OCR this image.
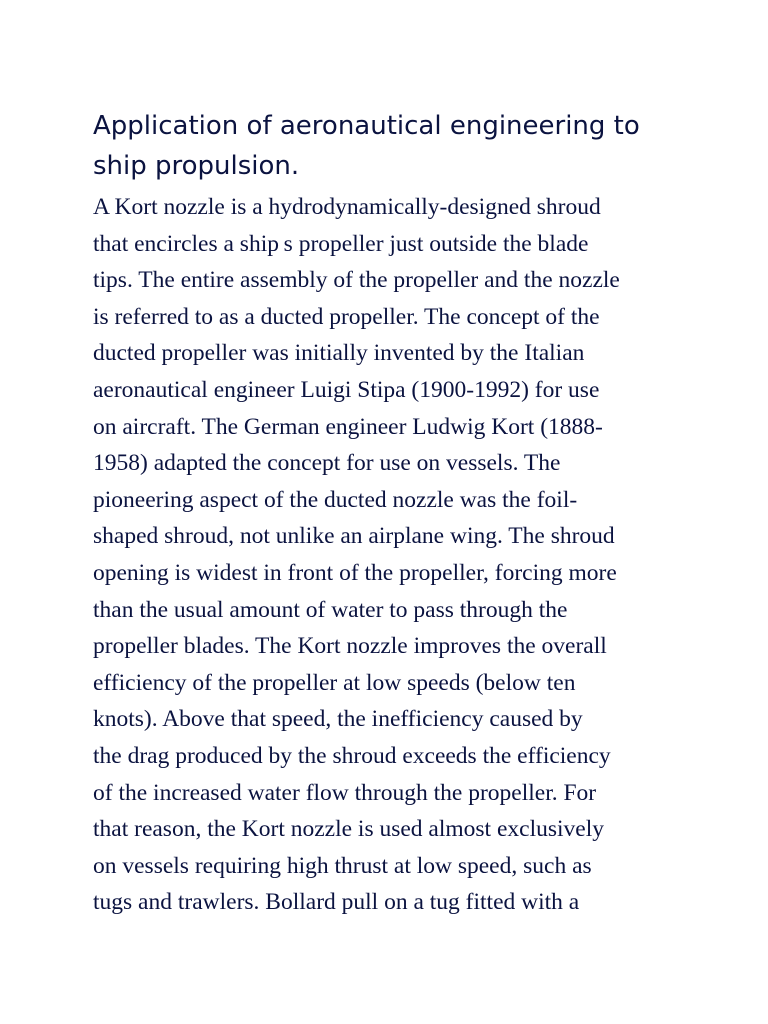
Application of aeronautical engineering to
ship propulsion.
A Kort nozzle is a hydrodynamically-designed shroud
that encircles a ship s propeller just outside the blade
tips. The entire assembly of the propeller and the nozzle
is referred to as a ducted propeller. The concept of the
ducted propeller was initially invented by the Italian
aeronautical engineer Luigi Stipa (1900-1992) for use
on aircraft. The German engineer Ludwig Kort (1888-
1958) adapted the concept for use on vessels. The
pioneering aspect of the ducted nozzle was the foil-
shaped shroud, not unlike an airplane wing. The shroud
opening is widest in front of the propeller, forcing more
than the usual amount of water to pass through the
propeller blades. The Kort nozzle improves the overall
efficiency of the propeller at low speeds (below ten
knots). Above that speed, the inefficiency caused by
the drag produced by the shroud exceeds the efficiency
of the increased water flow through the propeller. For
that reason, the Kort nozzle is used almost exclusively
on vessels requiring high thrust at low speed, such as
tugs and trawlers. Bollard pull on a tug fitted with a
